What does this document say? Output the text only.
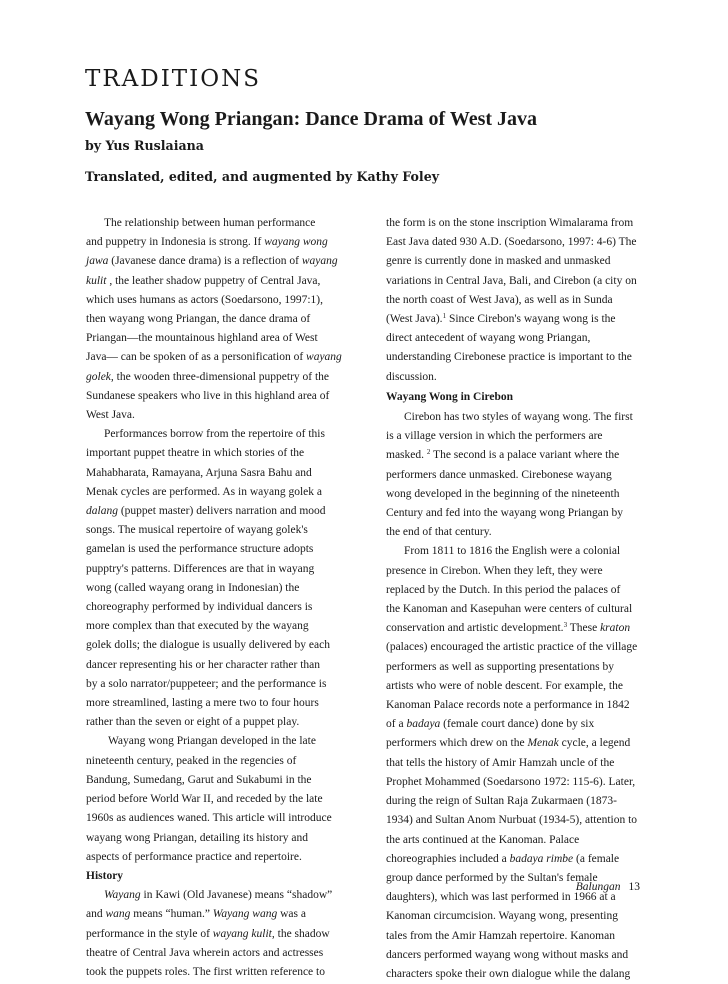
TRADITIONS
Wayang Wong Priangan: Dance Drama of West Java
by Yus Ruslaiana
Translated, edited, and augmented by Kathy Foley
The relationship between human performance
and puppetry in Indonesia is strong. If wayang wong
jawa (Javanese dance drama) is a reflection of wayang
kulit , the leather shadow puppetry of Central Java,
which uses humans as actors (Soedarsono, 1997:1),
then wayang wong Priangan, the dance drama of
Priangan—the mountainous highland area of West
Java— can be spoken of as a personification of wayang
golek, the wooden three-dimensional puppetry of the
Sundanese speakers who live in this highland area of
West Java.
Performances borrow from the repertoire of this
important puppet theatre in which stories of the
Mahabharata, Ramayana, Arjuna Sasra Bahu and
Menak cycles are performed. As in wayang golek a
dalang (puppet master) delivers narration and mood
songs. The musical repertoire of wayang golek's
gamelan is used the performance structure adopts
pupptry's patterns. Differences are that in wayang
wong (called wayang orang in Indonesian) the
choreography performed by individual dancers is
more complex than that executed by the wayang
golek dolls; the dialogue is usually delivered by each
dancer representing his or her character rather than
by a solo narrator/puppeteer; and the performance is
more streamlined, lasting a mere two to four hours
rather than the seven or eight of a puppet play.
Wayang wong Priangan developed in the late
nineteenth century, peaked in the regencies of
Bandung, Sumedang, Garut and Sukabumi in the
period before World War II, and receded by the late
1960s as audiences waned. This article will introduce
wayang wong Priangan, detailing its history and
aspects of performance practice and repertoire.
History
Wayang in Kawi (Old Javanese) means “shadow”
and wang means “human.” Wayang wang was a
performance in the style of wayang kulit, the shadow
theatre of Central Java wherein actors and actresses
took the puppets roles. The first written reference to
the form is on the stone inscription Wimalarama from
East Java dated 930 A.D. (Soedarsono, 1997: 4-6) The
genre is currently done in masked and unmasked
variations in Central Java, Bali, and Cirebon (a city on
the north coast of West Java), as well as in Sunda
(West Java).$^1$ Since Cirebon's wayang wong is the
direct antecedent of wayang wong Priangan,
understanding Cirebonese practice is important to the
discussion.
Wayang Wong in Cirebon
Cirebon has two styles of wayang wong. The first
is a village version in which the performers are
masked. $^2$ The second is a palace variant where the
performers dance unmasked. Cirebonese wayang
wong developed in the beginning of the nineteenth
Century and fed into the wayang wong Priangan by
the end of that century.
From 1811 to 1816 the English were a colonial
presence in Cirebon. When they left, they were
replaced by the Dutch. In this period the palaces of
the Kanoman and Kasepuhan were centers of cultural
conservation and artistic development.$^3$ These kraton
(palaces) encouraged the artistic practice of the village
performers as well as supporting presentations by
artists who were of noble descent. For example, the
Kanoman Palace records note a performance in 1842
of a badaya (female court dance) done by six
performers which drew on the Menak cycle, a legend
that tells the history of Amir Hamzah uncle of the
Prophet Mohammed (Soedarsono 1972: 115-6). Later,
during the reign of Sultan Raja Zukarmaen (1873-
1934) and Sultan Anom Nurbuat (1934-5), attention to
the arts continued at the Kanoman. Palace
choreographies included a badaya rimbe (a female
group dance performed by the Sultan's female
daughters), which was last performed in 1966 at a
Kanoman circumcision. Wayang wong, presenting
tales from the Amir Hamzah repertoire. Kanoman
dancers performed wayang wong without masks and
characters spoke their own dialogue while the dalang
Balungan 13
